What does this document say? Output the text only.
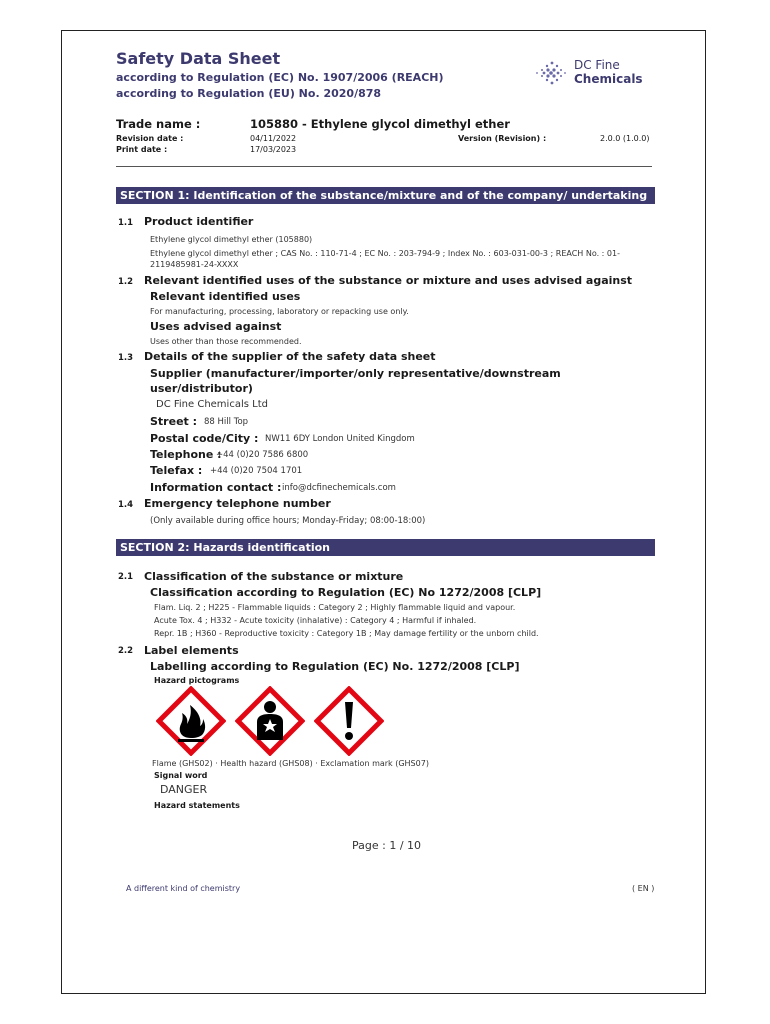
Safety Data Sheet
according to Regulation (EC) No. 1907/2006 (REACH)
according to Regulation (EU) No. 2020/878
DC Fine
Chemicals
Trade name :	105880 - Ethylene glycol dimethyl ether
Revision date :	04/11/2022	Version (Revision) :	2.0.0 (1.0.0)
Print date :	17/03/2023
SECTION 1: Identification of the substance/mixture and of the company/ undertaking
1.1 Product identifier
Ethylene glycol dimethyl ether (105880)
Ethylene glycol dimethyl ether ; CAS No. : 110-71-4 ; EC No. : 203-794-9 ; Index No. : 603-031-00-3 ; REACH No. : 01-
2119485981-24-XXXX
1.2 Relevant identified uses of the substance or mixture and uses advised against
Relevant identified uses
For manufacturing, processing, laboratory or repacking use only.
Uses advised against
Uses other than those recommended.
1.3 Details of the supplier of the safety data sheet
Supplier (manufacturer/importer/only representative/downstream
user/distributor)
DC Fine Chemicals Ltd
Street : 88 Hill Top
Postal code/City : NW11 6DY London United Kingdom
Telephone :
+44 (0)20 7586 6800
Telefax : +44 (0)20 7504 1701
Information contact : info@dcfinechemicals.com
1.4 Emergency telephone number
(Only available during office hours; Monday-Friday; 08:00-18:00)
SECTION 2: Hazards identification
2.1 Classification of the substance or mixture
Classification according to Regulation (EC) No 1272/2008 [CLP]
Flam. Liq. 2 ; H225 - Flammable liquids : Category 2 ; Highly flammable liquid and vapour.
Acute Tox. 4 ; H332 - Acute toxicity (inhalative) : Category 4 ; Harmful if inhaled.
Repr. 1B ; H360 - Reproductive toxicity : Category 1B ; May damage fertility or the unborn child.
2.2 Label elements
Labelling according to Regulation (EC) No. 1272/2008 [CLP]
Hazard pictograms
Flame (GHS02) · Health hazard (GHS08) · Exclamation mark (GHS07)
Signal word
DANGER
Hazard statements
Page : 1 / 10
A different kind of chemistry	( EN )
